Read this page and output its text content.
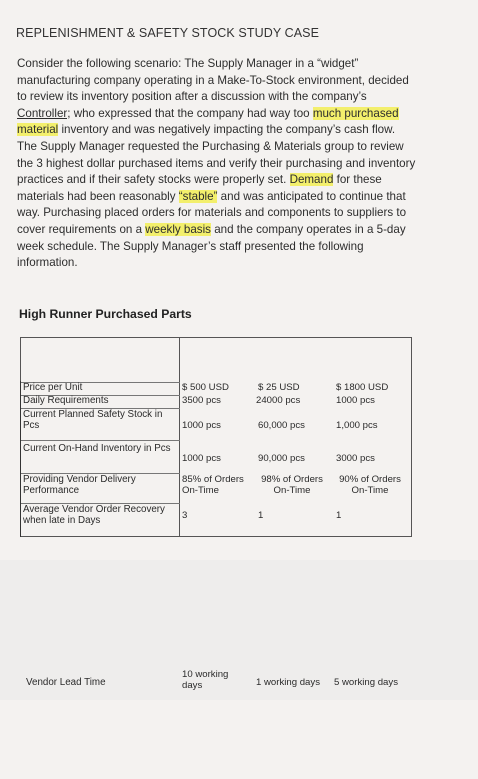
REPLENISHMENT & SAFETY STOCK STUDY CASE
Consider the following scenario: The Supply Manager in a “widget” manufacturing company operating in a Make-To-Stock environment, decided to review its inventory position after a discussion with the company’s Controller; who expressed that the company had way too much purchased material inventory and was negatively impacting the company’s cash flow. The Supply Manager requested the Purchasing & Materials group to review the 3 highest dollar purchased items and verify their purchasing and inventory practices and if their safety stocks were properly set. Demand for these materials had been reasonably “stable” and was anticipated to continue that way. Purchasing placed orders for materials and components to suppliers to cover requirements on a weekly basis and the company operates in a 5-day week schedule. The Supply Manager’s staff presented the following information.
High Runner Purchased Parts
Price per Unit
Daily Requirements
Current Planned Safety Stock in Pcs
Current On-Hand Inventory in Pcs
Providing Vendor Delivery Performance
Average Vendor Order Recovery when late in Days
$ 500 USD
3500 pcs
1000 pcs
1000 pcs
85% of Orders On-Time
3
$ 25 USD
24000 pcs
60,000 pcs
90,000 pcs
98% of Orders On-Time
1
$ 1800 USD
1000 pcs
1,000 pcs
3000 pcs
90% of Orders On-Time
1
Vendor Lead Time
10 working days	1 working days	5 working days
